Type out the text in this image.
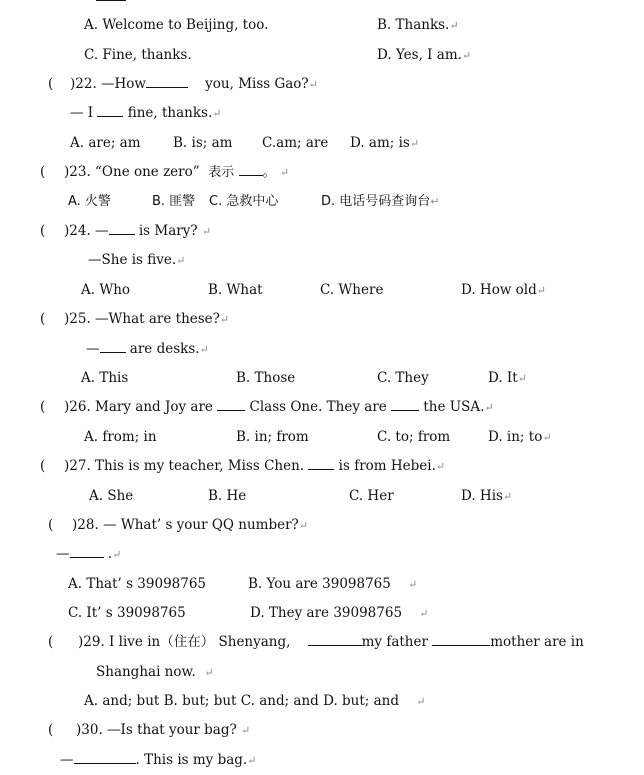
A. Welcome to Beijing, too.	B. Thanks.↵
C. Fine, thanks.	D. Yes, I am.↵
( )22. —How	you, Miss Gao?↵
— I	fine, thanks.↵
A. are; am B. is; am C.am; are D. am; is↵
( )23. “One one zero” 表示 。 ↵
A. 火警	B. 匪警 C. 急救中心	D. 电话号码查询台↵
( )24. — is Mary? ↵
—She is five.↵
A. Who	B. What	C. Where	D. How old↵
( )25. —What are these?↵
— are desks.↵
A. This	B. Those	C. They	D. It↵
( )26. Mary and Joy are	Class One. They are	the USA.↵
A. from; in	B. in; from	C. to; from	D. in; to↵
( )27. This is my teacher, Miss Chen.	is from Hebei.↵
A. She	B. He	C. Her	D. His↵
( )28. — What’ s your QQ number?↵
—	.↵
A. That’ s 39098765	B. You are 39098765 ↵
C. It’ s 39098765	D. They are 39098765 ↵
( )29. I live in（住在） Shenyang,	my father	mother are in
Shanghai now. ↵
A. and; but B. but; but C. and; and D. but; and ↵
( )30. —Is that your bag? ↵
—	. This is my bag.↵
